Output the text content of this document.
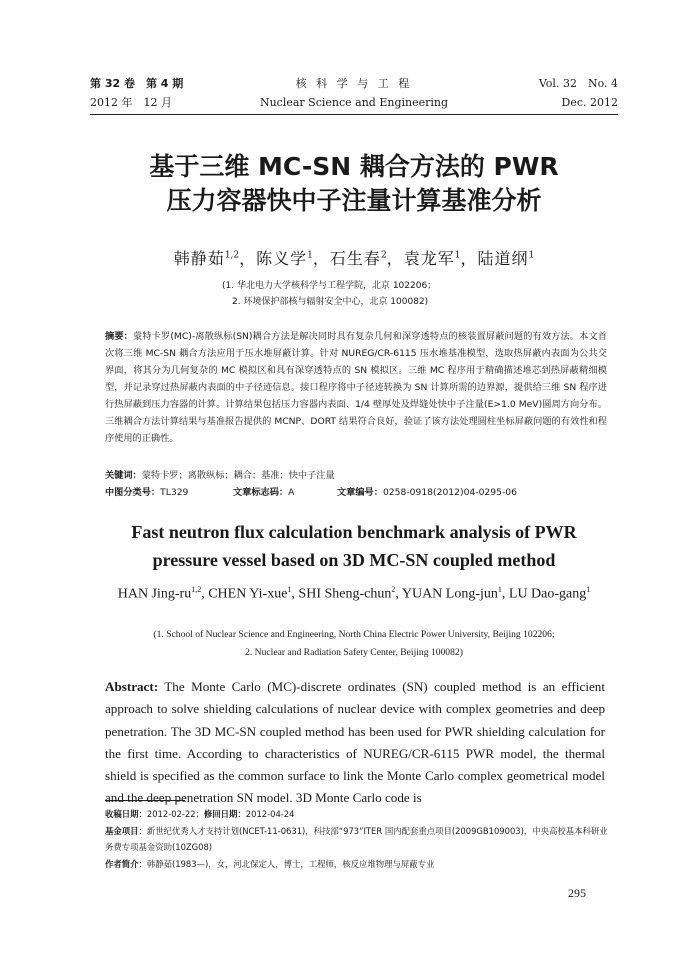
第 32 卷　第 4 期
2012 年　12 月
核 科 学 与 工 程
Nuclear Science and Engineering
Vol. 32　No. 4
Dec. 2012
基于三维 MC-SN 耦合方法的 PWR
压力容器快中子注量计算基准分析
韩静茹$^{1,2}$，陈义学$^1$，石生春$^2$，袁龙军$^1$，陆道纲$^1$
(1. 华北电力大学核科学与工程学院，北京 102206；
2. 环境保护部核与辐射安全中心，北京 100082)
摘要：蒙特卡罗(MC)-离散纵标(SN)耦合方法是解决同时具有复杂几何和深穿透特点的核装置屏蔽问题的有效方法。本文首次将三维 MC-SN 耦合方法应用于压水堆屏蔽计算。针对 NUREG/CR-6115 压水堆基准模型，选取热屏蔽内表面为公共交界面，将其分为几何复杂的 MC 模拟区和具有深穿透特点的 SN 模拟区。三维 MC 程序用于精确描述堆芯到热屏蔽精细模型，并记录穿过热屏蔽内表面的中子径迹信息。接口程序将中子径迹转换为 SN 计算所需的边界源，提供给三维 SN 程序进行热屏蔽到压力容器的计算。计算结果包括压力容器内表面、1/4 壁厚处及焊缝处快中子注量(E>1.0 MeV)圆周方向分布。三维耦合方法计算结果与基准报告提供的 MCNP、DORT 结果符合良好，验证了该方法处理圆柱坐标屏蔽问题的有效性和程序使用的正确性。
关键词：蒙特卡罗；离散纵标；耦合；基准；快中子注量
中图分类号：TL329	文章标志码：A	文章编号：0258-0918(2012)04-0295-06
Fast neutron flux calculation benchmark analysis of PWR
pressure vessel based on 3D MC-SN coupled method
HAN Jing-ru$^{1,2}$, CHEN Yi-xue$^1$, SHI Sheng-chun$^2$, YUAN Long-jun$^1$, LU Dao-gang$^1$
(1. School of Nuclear Science and Engineering, North China Electric Power University, Beijing 102206;
2. Nuclear and Radiation Safety Center, Beijing 100082)
Abstract: The Monte Carlo (MC)-discrete ordinates (SN) coupled method is an efficient approach to solve shielding calculations of nuclear device with complex geometries and deep penetration. The 3D MC-SN coupled method has been used for PWR shielding calculation for the first time. According to characteristics of NUREG/CR-6115 PWR model, the thermal shield is specified as the common surface to link the Monte Carlo complex geometrical model and the deep penetration SN model. 3D Monte Carlo code is
收稿日期：2012-02-22；修回日期：2012-04-24
基金项目：新世纪优秀人才支持计划(NCET-11-0631)，科技部“973”ITER 国内配套重点项目(2009GB109003)，中央高校基本科研业务费专项基金资助(10ZG08)
作者简介：韩静茹(1983—)，女，河北保定人，博士，工程师，核反应堆物理与屏蔽专业
295
